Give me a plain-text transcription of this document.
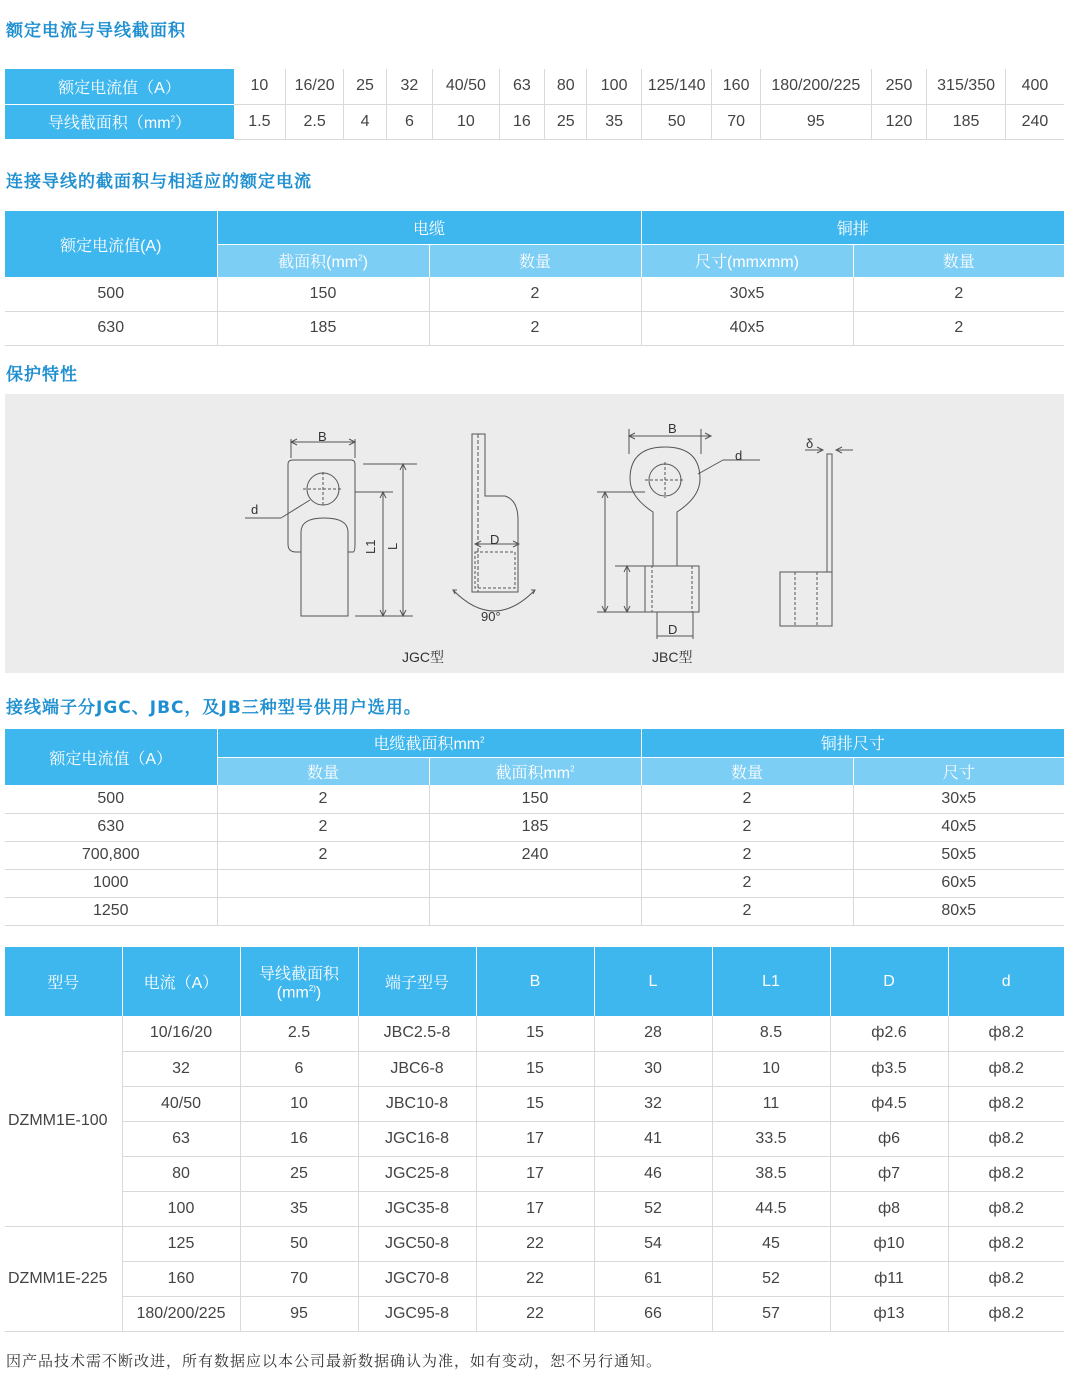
额定电流与导线截面积
额定电流值（A）	10	16/20	25	32	40/50	63	80	100	125/140	160	180/200/225	250	315/350	400
导线截面积$(mm^2)$	1.5	2.5	4	6	10	16	25	35	50	70	95	120	185	240
连接导线的截面积与相适应的额定电流
额定电流值(A)	电缆		铜排	
	截面积$(mm^2)$	数量	尺寸(mmxmm)	数量
500	150	2	30x5	2
630	185	2	40x5	2
保护特性
B
d
L1 L	D
90°
B
d
D
δ
JGC型	JBC型
接线端子分JGC、JBC，及JB三种型号供用户选用。
额定电流值（A）	电缆截面积$mm^2$		铜排尺寸	
	数量	截面积$mm^2$	数量	尺寸
500	2	150	2	30x5
630	2	185	2	40x5
700,800	2	240	2	50x5
1000			2	60x5
1250			2	80x5
型号	电流（A）	导线截面积
$(mm^{2)})$	端子型号	B	L	L1	D	d
DZMM1E-100	10/16/20	2.5	JBC2.5-8	15	28	8.5	ф2.6	ф8.2
	32	6	JBC6-8	15	30	10	ф3.5	ф8.2
	40/50	10	JBC10-8	15	32	11	ф4.5	ф8.2
	63	16	JGC16-8	17	41	33.5	ф6	ф8.2
	80	25	JGC25-8	17	46	38.5	ф7	ф8.2
	100	35	JGC35-8	17	52	44.5	ф8	ф8.2
DZMM1E-225	125	50	JGC50-8	22	54	45	ф10	ф8.2
	160	70	JGC70-8	22	61	52	ф11	ф8.2
	180/200/225	95	JGC95-8	22	66	57	ф13	ф8.2
因产品技术需不断改进，所有数据应以本公司最新数据确认为准，如有变动，恕不另行通知。
